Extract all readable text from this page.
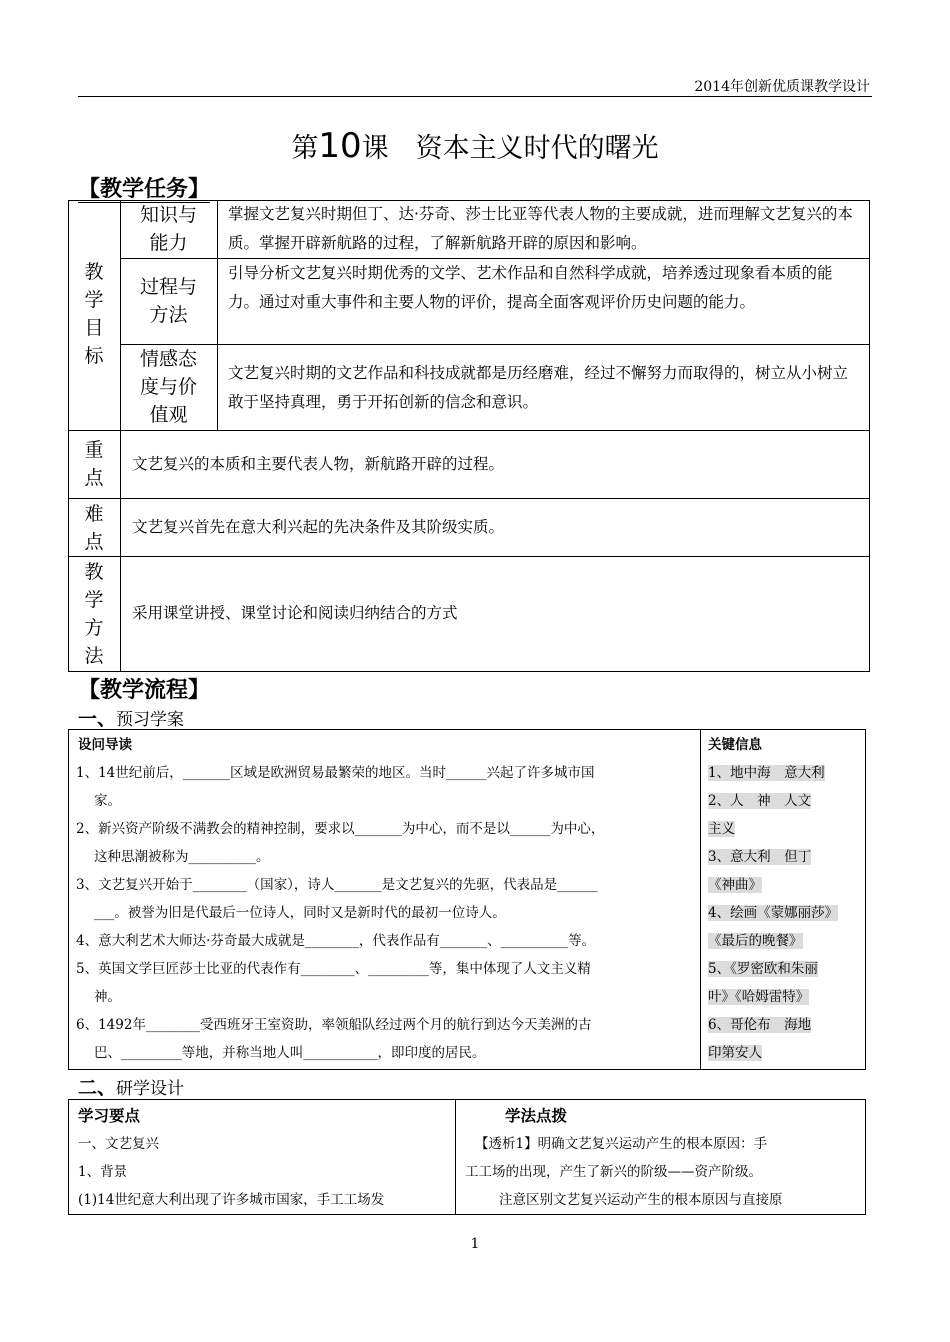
2014年创新优质课教学设计
第10课　资本主义时代的曙光
【教学任务】
教
学
目
标
知识与
能力
掌握文艺复兴时期但丁、达·芬奇、莎士比亚等代表人物的主要成就，进而理解文艺复兴的本质。掌握开辟新航路的过程，了解新航路开辟的原因和影响。
过程与
方法
引导分析文艺复兴时期优秀的文学、艺术作品和自然科学成就，培养透过现象看本质的能力。通过对重大事件和主要人物的评价，提高全面客观评价历史问题的能力。
情感态
度与价
值观
文艺复兴时期的文艺作品和科技成就都是历经磨难，经过不懈努力而取得的，树立从小树立敢于坚持真理，勇于开拓创新的信念和意识。
重
点
文艺复兴的本质和主要代表人物，新航路开辟的过程。
难
点
文艺复兴首先在意大利兴起的先决条件及其阶级实质。
教
学
方
法
采用课堂讲授、课堂讨论和阅读归纳结合的方式
【教学流程】
一、预习学案
设问导读	关键信息
1、14世纪前后，_______区域是欧洲贸易最繁荣的地区。当时______兴起了许多城市国
家。
2、新兴资产阶级不满教会的精神控制，要求以_______为中心，而不是以______为中心，
这种思潮被称为__________。
3、文艺复兴开始于________（国家），诗人_______是文艺复兴的先驱，代表品是______
___。被誉为旧是代最后一位诗人，同时又是新时代的最初一位诗人。
4、意大利艺术大师达·芬奇最大成就是________，代表作品有_______、__________等。
5、英国文学巨匠莎士比亚的代表作有________、_________等，集中体现了人文主义精
神。
6、1492年________受西班牙王室资助，率领船队经过两个月的航行到达今天美洲的古
巴、_________等地，并称当地人叫___________，即印度的居民。
1、地中海　意大利
2、人　神　人文
主义
3、意大利　但丁
《神曲》
4、绘画《蒙娜丽莎》
《最后的晚餐》
5、《罗密欧和朱丽
叶》《哈姆雷特》
6、哥伦布　海地
印第安人
二、研学设计
学习要点	学法点拨
一、文艺复兴
1、背景
(1)14世纪意大利出现了许多城市国家，手工工场发
【透析1】明确文艺复兴运动产生的根本原因：手
工工场的出现，产生了新兴的阶级——资产阶级。
注意区别文艺复兴运动产生的根本原因与直接原
1
